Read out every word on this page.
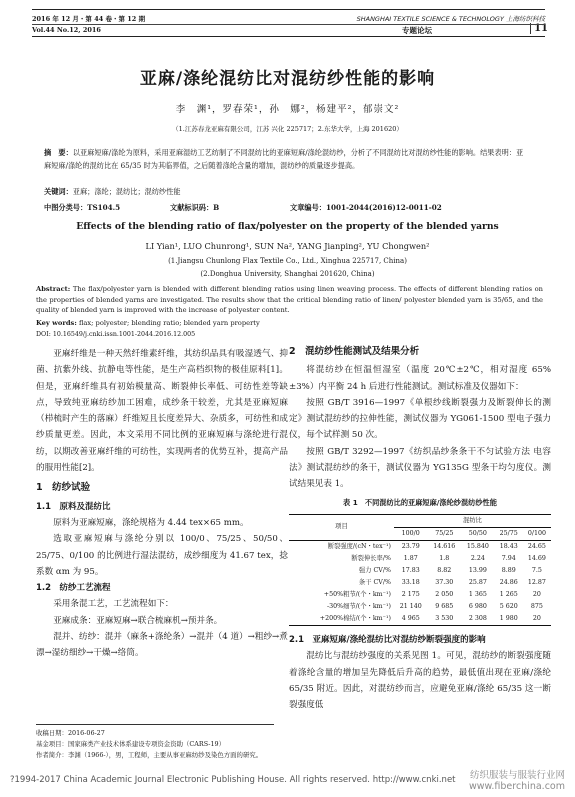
2016 年 12 月・第 44 卷・第 12 期	SHANGHAI TEXTILE SCIENCE & TECHNOLOGY 上海纺织科技
Vol.44 No.12, 2016	专题论坛	11
亚麻/涤纶混纺比对混纺纱性能的影响
李　渊¹，罗春荣¹，孙　娜²，杨建平²，郁崇文²
（1.江苏春龙亚麻有限公司，江苏 兴化 225717；2.东华大学，上海 201620）
摘　要：以亚麻短麻/涤纶为原料，采用亚麻湿纺工艺纺制了不同混纺比的亚麻短麻/涤纶混纺纱，分析了不同混纺比对混纺纱性能的影响。结果表明：亚麻短麻/涤纶的混纺比在 65/35 时为其临界值，之后随着涤纶含量的增加，混纺纱的质量逐步提高。
关键词：亚麻；涤纶；混纺比；混纺纱性能
中图分类号：TS104.5	文献标识码：B	文章编号：1001-2044(2016)12-0011-02
Effects of the blending ratio of flax/polyester on the property of the blended yarns
LI Yian¹, LUO Chunrong¹, SUN Na², YANG Jianping², YU Chongwen²
(1.Jiangsu Chunlong Flax Textile Co., Ltd., Xinghua 225717, China)
(2.Donghua University, Shanghai 201620, China)
Abstract: The flax/polyester yarn is blended with different blending ratios using linen weaving process. The effects of different blending ratios on the properties of blended yarns are investigated. The results show that the critical blending ratio of linen/ polyester blended yarn is 35/65, and the quality of blended yarn is improved with the increase of polyester content.
Key words: flax; polyester; blending ratio; blended yarn property
DOI: 10.16549/j.cnki.issn.1001-2044.2016.12.005

亚麻纤维是一种天然纤维素纤维，其纺织品具有吸湿透气、抑菌、抗紫外线、抗静电等性能，是生产高档织物的极佳原料[1]。但是，亚麻纤维具有初始模量高、断裂伸长率低、可纺性差等缺点，导致纯亚麻纺纱加工困难，成纱条干较差，尤其是亚麻短麻（栉梳时产生的落麻）纤维短且长度差异大、杂质多，可纺性和成纱质量更差。因此，本文采用不同比例的亚麻短麻与涤纶进行混纺，以期改善亚麻纤维的可纺性，实现两者的优势互补，提高产品的服用性能[2]。

1　纺纱试验
1.1　原料及混纺比

原料为亚麻短麻，涤纶规格为 4.44 tex×65 mm。

选取亚麻短麻与涤纶分别以 100/0、75/25、50/50、25/75、0/100 的比例进行湿法混纺，成纱细度为 41.67 tex，捻系数 αm 为 95。

1.2　纺纱工艺流程

采用条混工艺，工艺流程如下：

亚麻成条：亚麻短麻→联合梳麻机→预并条。

混并、纺纱：混并（麻条+涤纶条）→混并（4 道）→粗纱→煮漂→湿纺细纱→干燥→络筒。

2　混纺纱性能测试及结果分析

将混纺纱在恒温恒湿室（温度 20℃±2℃，相对湿度 65%±3%）内平衡 24 h 后进行性能测试。测试标准及仪器如下：

按照 GB/T 3916—1997《单根纱线断裂强力及断裂伸长的测定》测试混纺纱的拉伸性能，测试仪器为 YG061-1500 型电子强力仪，每个试样测 50 次。

按照 GB/T 3292—1997《纺织品纱条条干不匀试验方法 电容法》测试混纺纱的条干，测试仪器为 YG135G 型条干均匀度仪。测试结果见表 1。

表 1　不同混纺比的亚麻短麻/涤纶纱混纺纱性能
项目	混纺比				
	100/0	75/25	50/50	25/75	0/100
断裂强度/(cN・tex⁻¹)	23.79	14.616	15.840	18.43	24.65
断裂伸长率/%	1.87	1.8	2.24	7.94	14.69
强力 CV/%	17.83	8.82	13.99	8.89	7.5
条干 CV/%	33.18	37.30	25.87	24.86	12.87
+50%粗节/(个・km⁻¹)	2 175	2 050	1 365	1 265	20
-30%细节/(个・km⁻¹)	21 140	9 685	6 980	5 620	875
+200%棉结/(个・km⁻¹)	4 965	3 530	2 308	1 980	20
2.1　亚麻短麻/涤纶混纺比对混纺纱断裂强度的影响

混纺比与混纺纱强度的关系见图 1。可见，混纺纱的断裂强度随着涤纶含量的增加呈先降低后升高的趋势，最低值出现在亚麻/涤纶 65/35 附近。因此，对混纺纱而言，应避免亚麻/涤纶 65/35 这一断裂强度低

收稿日期：2016-06-27
基金项目：国家麻类产业技术体系建设专项资金资助（CARS-19）
作者简介：李渊（1966-），男，工程师，主要从事亚麻纺纱及染色方面的研究。
?1994-2017 China Academic Journal Electronic Publishing House. All rights reserved. http://www.cnki.net 纺织服装与服装行业网
www.fiberchina.com
